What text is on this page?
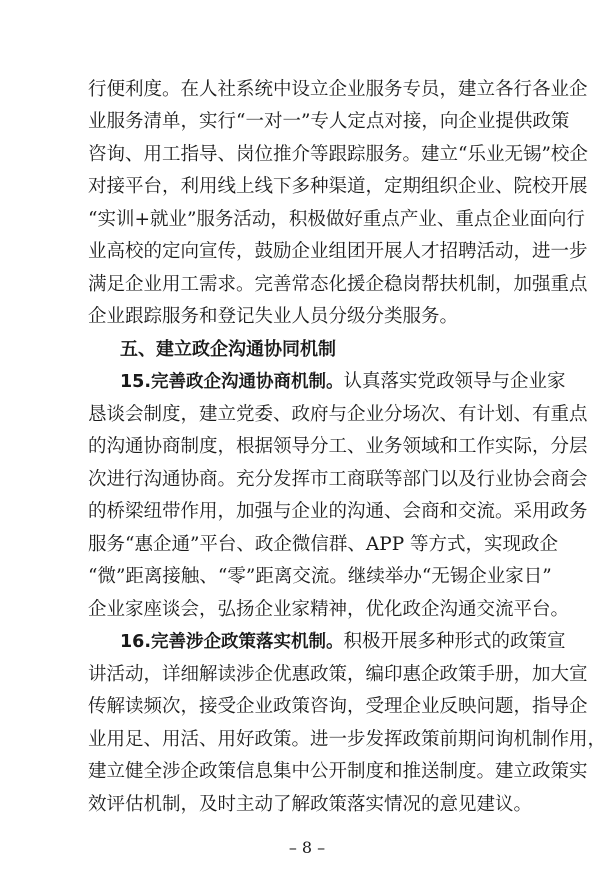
行便利度。在人社系统中设立企业服务专员，建立各行各业企
业服务清单，实行“一对一”专人定点对接，向企业提供政策
咨询、用工指导、岗位推介等跟踪服务。建立“乐业无锡”校企
对接平台，利用线上线下多种渠道，定期组织企业、院校开展
“实训+就业”服务活动，积极做好重点产业、重点企业面向行
业高校的定向宣传，鼓励企业组团开展人才招聘活动，进一步
满足企业用工需求。完善常态化援企稳岗帮扶机制，加强重点
企业跟踪服务和登记失业人员分级分类服务。
五、建立政企沟通协同机制
15.完善政企沟通协商机制。认真落实党政领导与企业家
恳谈会制度，建立党委、政府与企业分场次、有计划、有重点
的沟通协商制度，根据领导分工、业务领域和工作实际，分层
次进行沟通协商。充分发挥市工商联等部门以及行业协会商会
的桥梁纽带作用，加强与企业的沟通、会商和交流。采用政务
服务“惠企通”平台、政企微信群、APP 等方式，实现政企
“微”距离接触、“零”距离交流。继续举办“无锡企业家日”
企业家座谈会，弘扬企业家精神，优化政企沟通交流平台。
16.完善涉企政策落实机制。积极开展多种形式的政策宣
讲活动，详细解读涉企优惠政策，编印惠企政策手册，加大宣
传解读频次，接受企业政策咨询，受理企业反映问题，指导企
业用足、用活、用好政策。进一步发挥政策前期问询机制作用，
建立健全涉企政策信息集中公开制度和推送制度。建立政策实
– 8 –
效评估机制，及时主动了解政策落实情况的意见建议。
